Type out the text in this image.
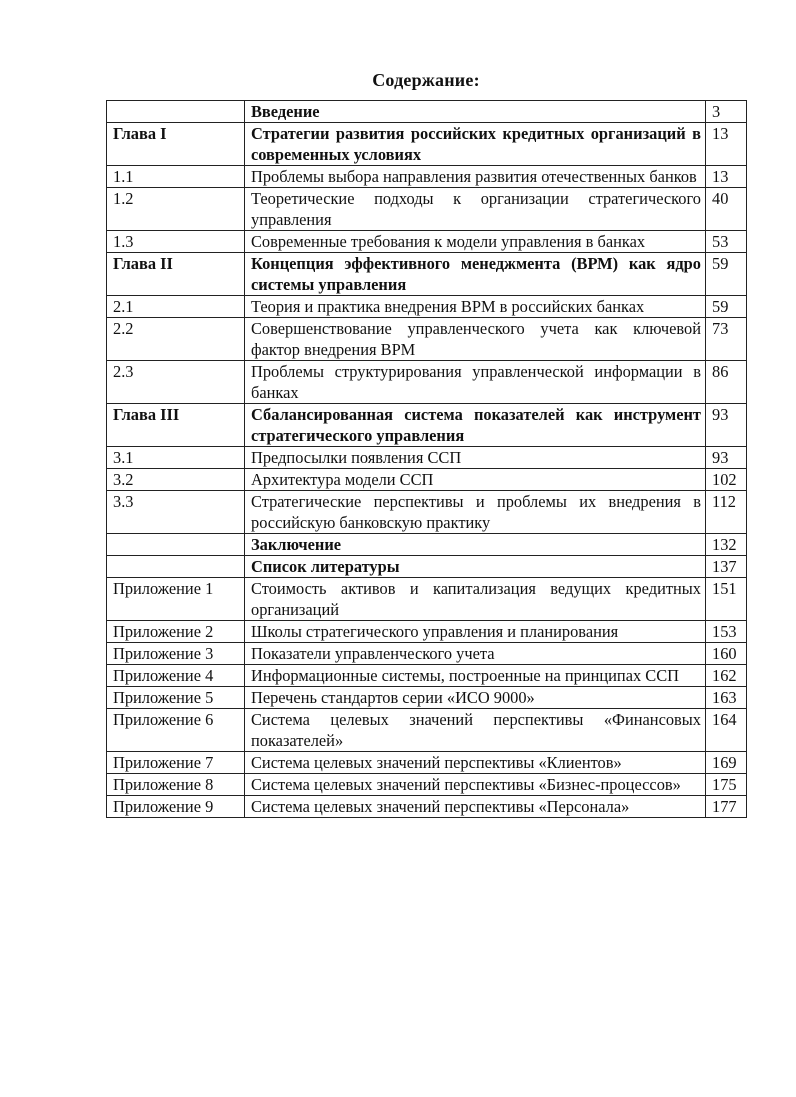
Содержание:
	Введение	3
Глава I	Стратегии развития российских кредитных организаций в современных условиях	13
1.1	Проблемы выбора направления развития отечественных банков	13
1.2	Теоретические подходы к организации стратегического управления	40
1.3	Современные требования к модели управления в банках	53
Глава II	Концепция эффективного менеджмента (ВРМ) как ядро системы управления	59
2.1	Теория и практика внедрения ВРМ в российских банках	59
2.2	Совершенствование управленческого учета как ключевой фактор внедрения ВРМ	73
2.3	Проблемы структурирования управленческой информации в банках	86
Глава III	Сбалансированная система показателей как инструмент стратегического управления	93
3.1	Предпосылки появления ССП	93
3.2	Архитектура модели ССП	102
3.3	Стратегические перспективы и проблемы их внедрения в российскую банковскую практику	112
	Заключение	132
	Список литературы	137
Приложение 1	Стоимость активов и капитализация ведущих кредитных организаций	151
Приложение 2	Школы стратегического управления и планирования	153
Приложение 3	Показатели управленческого учета	160
Приложение 4	Информационные системы, построенные на принципах ССП	162
Приложение 5	Перечень стандартов серии «ИСО 9000»	163
Приложение 6	Система целевых значений перспективы «Финансовых показателей»	164
Приложение 7	Система целевых значений перспективы «Клиентов»	169
Приложение 8	Система целевых значений перспективы «Бизнес-процессов»	175
Приложение 9	Система целевых значений перспективы «Персонала»	177
